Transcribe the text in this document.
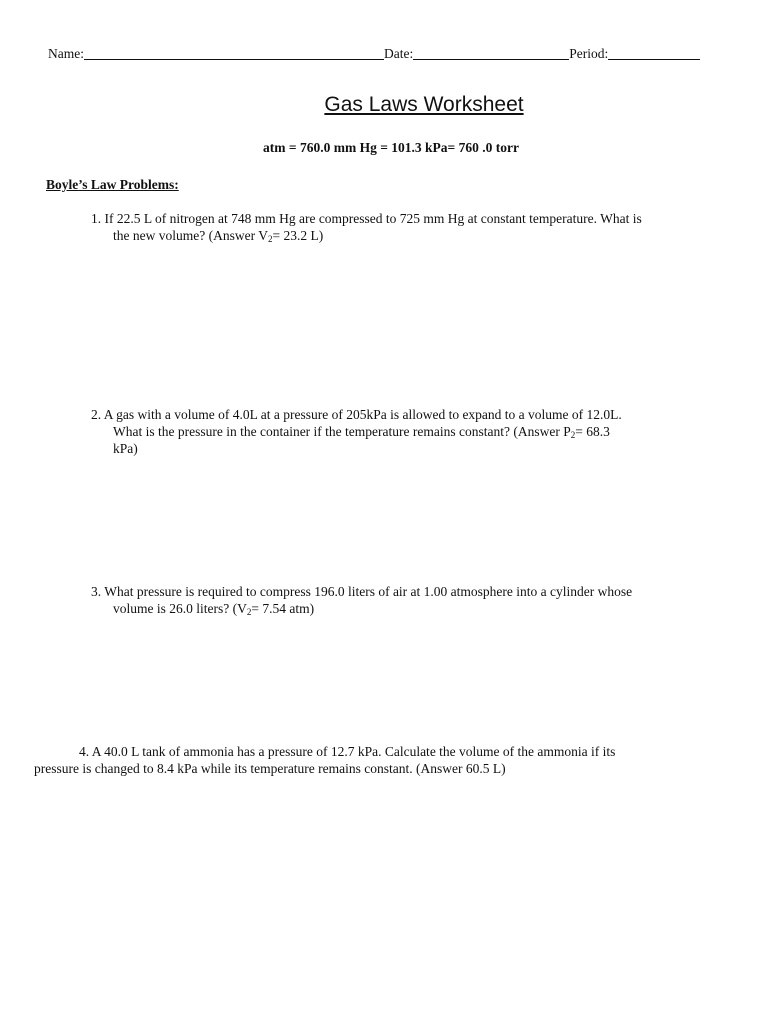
Name:	Date:	Period:
Gas Laws Worksheet
atm = 760.0 mm Hg = 101.3 kPa= 760 .0 torr
Boyle’s Law Problems:
1. If 22.5 L of nitrogen at 748 mm Hg are compressed to 725 mm Hg at constant temperature. What is
the new volume? (Answer $V_2= 23.2$ L)
2. A gas with a volume of 4.0L at a pressure of 205kPa is allowed to expand to a volume of 12.0L.
What is the pressure in the container if the temperature remains constant? (Answer $P_2= 68.3$
kPa)
3. What pressure is required to compress 196.0 liters of air at 1.00 atmosphere into a cylinder whose
volume is 26.0 liters? ($V_2= 7.54$ atm)
4. A 40.0 L tank of ammonia has a pressure of 12.7 kPa. Calculate the volume of the ammonia if its
pressure is changed to 8.4 kPa while its temperature remains constant. (Answer 60.5 L)
